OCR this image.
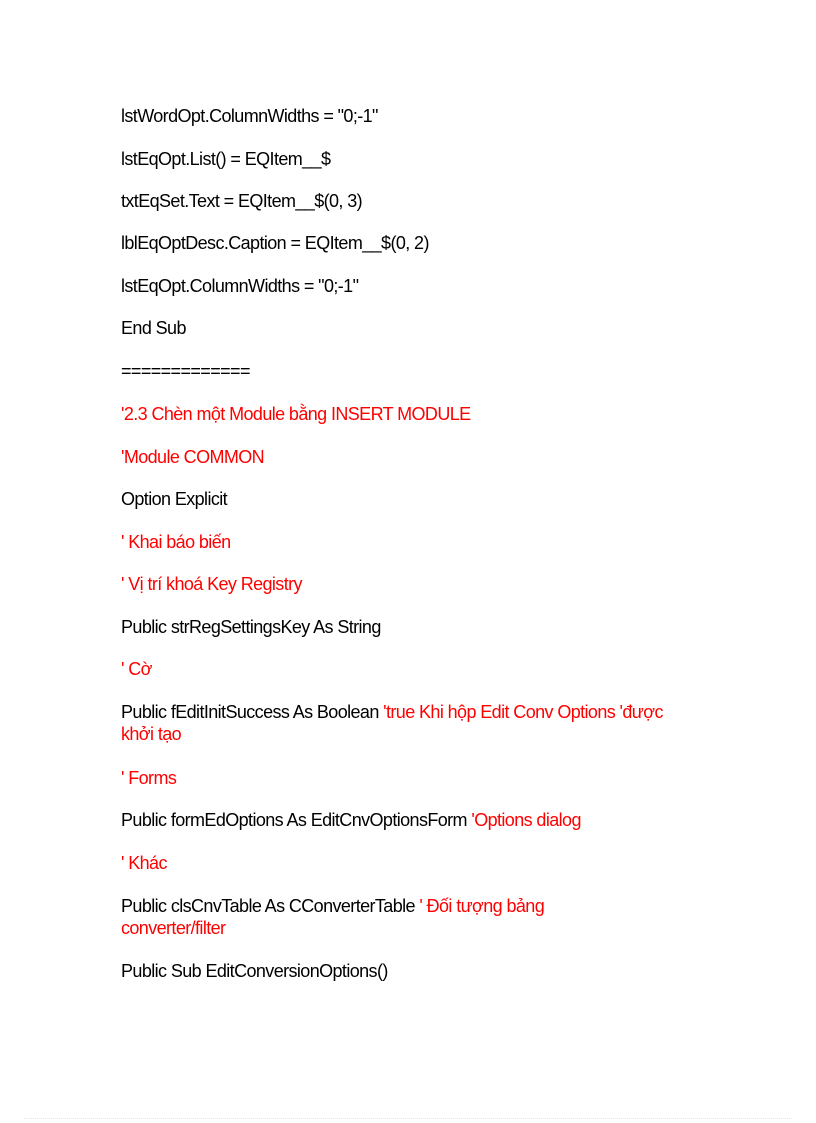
lstWordOpt.ColumnWidths = "0;-1"
lstEqOpt.List() = EQItem__$
txtEqSet.Text = EQItem__$(0, 3)
lblEqOptDesc.Caption = EQItem__$(0, 2)
lstEqOpt.ColumnWidths = "0;-1"
End Sub
=============
'2.3 Chèn một Module bằng INSERT MODULE
'Module COMMON
Option Explicit
' Khai báo biến
' Vị trí khoá Key Registry
Public strRegSettingsKey As String
' Cờ
Public fEditInitSuccess As Boolean 'true Khi hộp Edit Conv Options 'được khởi tạo
' Forms
Public formEdOptions As EditCnvOptionsForm 'Options dialog
' Khác
Public clsCnvTable As CConverterTable ' Đối tượng bảng converter/filter
Public Sub EditConversionOptions()
